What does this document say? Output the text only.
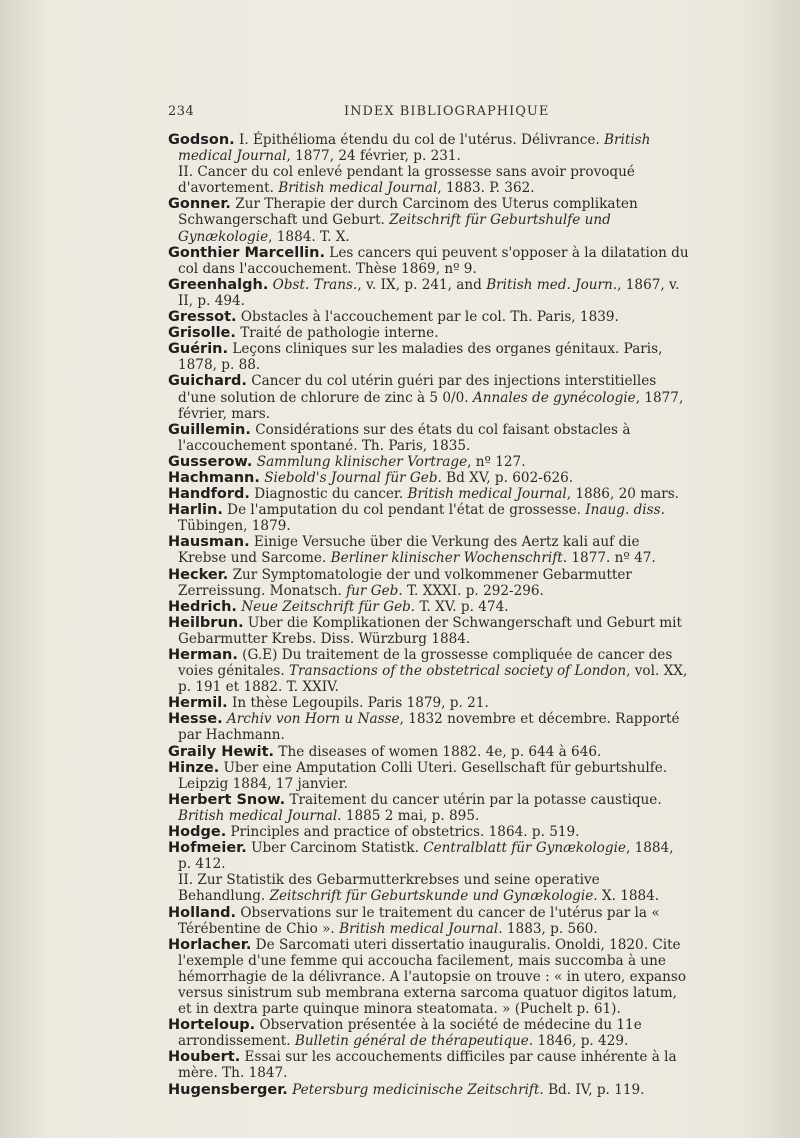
234	INDEX BIBLIOGRAPHIQUE

Godson. I. Épithélioma étendu du col de l'utérus. Délivrance. British medical Journal, 1877, 24 février, p. 231.

II. Cancer du col enlevé pendant la grossesse sans avoir provoqué d'avortement. British medical Journal, 1883. P. 362.

Gonner. Zur Therapie der durch Carcinom des Uterus complikaten Schwangerschaft und Geburt. Zeitschrift für Geburtshulfe und Gynækologie, 1884. T. X.

Gonthier Marcellin. Les cancers qui peuvent s'opposer à la dilatation du col dans l'accouchement. Thèse 1869, nº 9.

Greenhalgh. Obst. Trans., v. IX, p. 241, and British med. Journ., 1867, v. II, p. 494.

Gressot. Obstacles à l'accouchement par le col. Th. Paris, 1839.

Grisolle. Traité de pathologie interne.

Guérin. Leçons cliniques sur les maladies des organes génitaux. Paris, 1878, p. 88.

Guichard. Cancer du col utérin guéri par des injections interstitielles d'une solution de chlorure de zinc à 5 0/0. Annales de gynécologie, 1877, février, mars.

Guillemin. Considérations sur des états du col faisant obstacles à l'accouchement spontané. Th. Paris, 1835.

Gusserow. Sammlung klinischer Vortrage, nº 127.

Hachmann. Siebold's Journal für Geb. Bd XV, p. 602-626.

Handford. Diagnostic du cancer. British medical Journal, 1886, 20 mars.

Harlin. De l'amputation du col pendant l'état de grossesse. Inaug. diss. Tübingen, 1879.

Hausman. Einige Versuche über die Verkung des Aertz kali auf die Krebse und Sarcome. Berliner klinischer Wochenschrift. 1877. nº 47.

Hecker. Zur Symptomatologie der und volkommener Gebarmutter Zerreissung. Monatsch. fur Geb. T. XXXI. p. 292-296.

Hedrich. Neue Zeitschrift für Geb. T. XV. p. 474.

Heilbrun. Uber die Komplikationen der Schwangerschaft und Geburt mit Gebarmutter Krebs. Diss. Würzburg 1884.

Herman. (G.E) Du traitement de la grossesse compliquée de cancer des voies génitales. Transactions of the obstetrical society of London, vol. XX, p. 191 et 1882. T. XXIV.

Hermil. In thèse Legoupils. Paris 1879, p. 21.

Hesse. Archiv von Horn u Nasse, 1832 novembre et décembre. Rapporté par Hachmann.

Graily Hewit. The diseases of women 1882. 4e, p. 644 à 646.

Hinze. Uber eine Amputation Colli Uteri. Gesellschaft für geburtshulfe. Leipzig 1884, 17 janvier.

Herbert Snow. Traitement du cancer utérin par la potasse caustique. British medical Journal. 1885 2 mai, p. 895.

Hodge. Principles and practice of obstetrics. 1864. p. 519.

Hofmeier. Uber Carcinom Statistk. Centralblatt für Gynækologie, 1884, p. 412.

II. Zur Statistik des Gebarmutterkrebses und seine operative Behandlung. Zeitschrift für Geburtskunde und Gynækologie. X. 1884.

Holland. Observations sur le traitement du cancer de l'utérus par la « Térébentine de Chio ». British medical Journal. 1883, p. 560.

Horlacher. De Sarcomati uteri dissertatio inauguralis. Onoldi, 1820. Cite l'exemple d'une femme qui accoucha facilement, mais succomba à une hémorrhagie de la délivrance. A l'autopsie on trouve : « in utero, expanso versus sinistrum sub membrana externa sarcoma quatuor digitos latum, et in dextra parte quinque minora steatomata. » (Puchelt p. 61).

Horteloup. Observation présentée à la société de médecine du 11e arrondissement. Bulletin général de thérapeutique. 1846, p. 429.

Houbert. Essai sur les accouchements difficiles par cause inhérente à la mère. Th. 1847.

Hugensberger. Petersburg medicinische Zeitschrift. Bd. IV, p. 119.
